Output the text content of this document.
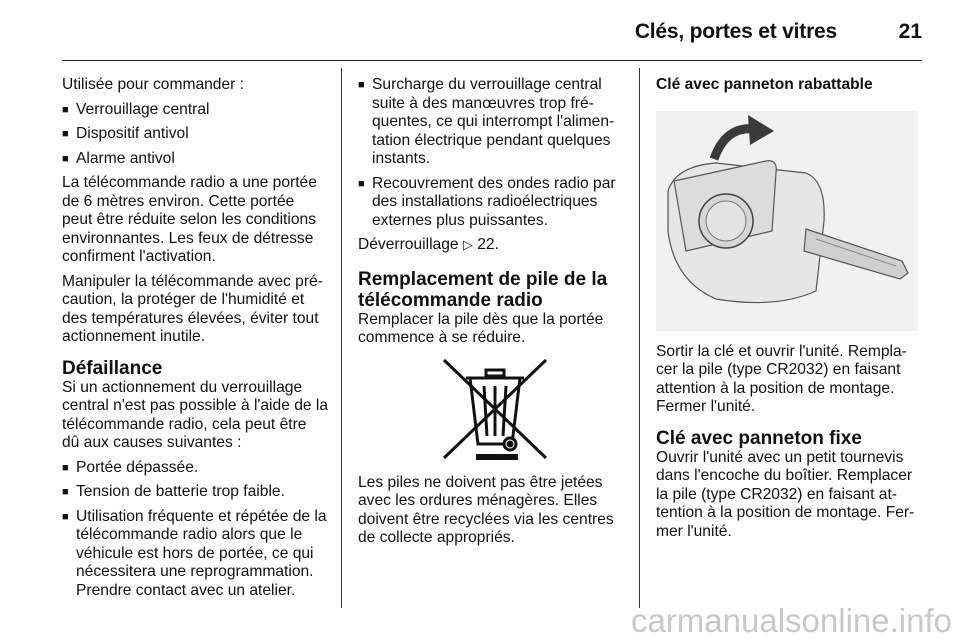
Clés, portes et vitres	21

Utilisée pour commander :

■ Verrouillage central
■ Dispositif antivol
■ Alarme antivol

La télécommande radio a une portée de 6 mètres environ. Cette portée peut être réduite selon les conditions environnantes. Les feux de détresse confirment l'activation.

Manipuler la télécommande avec pré-caution, la protéger de l'humidité et des températures élevées, éviter tout actionnement inutile.

Défaillance

Si un actionnement du verrouillage central n'est pas possible à l'aide de la télécommande radio, cela peut être dû aux causes suivantes :

■ Portée dépassée.
■ Tension de batterie trop faible.
■ Utilisation fréquente et répétée de la télécommande radio alors que le véhicule est hors de portée, ce qui nécessitera une reprogrammation. Prendre contact avec un atelier.
■ Surcharge du verrouillage central suite à des manœuvres trop fré-quentes, ce qui interrompt l'alimen-tation électrique pendant quelques instants.
■ Recouvrement des ondes radio par des installations radioélectriques externes plus puissantes.

Déverrouillage ▷ 22.

Remplacement de pile de la télécommande radio

Remplacer la pile dès que la portée commence à se réduire.

Les piles ne doivent pas être jetées avec les ordures ménagères. Elles doivent être recyclées via les centres de collecte appropriés.

Clé avec panneton rabattable

Sortir la clé et ouvrir l'unité. Rempla-cer la pile (type CR2032) en faisant attention à la position de montage. Fermer l'unité.

Clé avec panneton fixe

Ouvrir l'unité avec un petit tournevis dans l'encoche du boîtier. Remplacer la pile (type CR2032) en faisant at-tention à la position de montage. Fer-mer l'unité.

carmanualsonline.info
